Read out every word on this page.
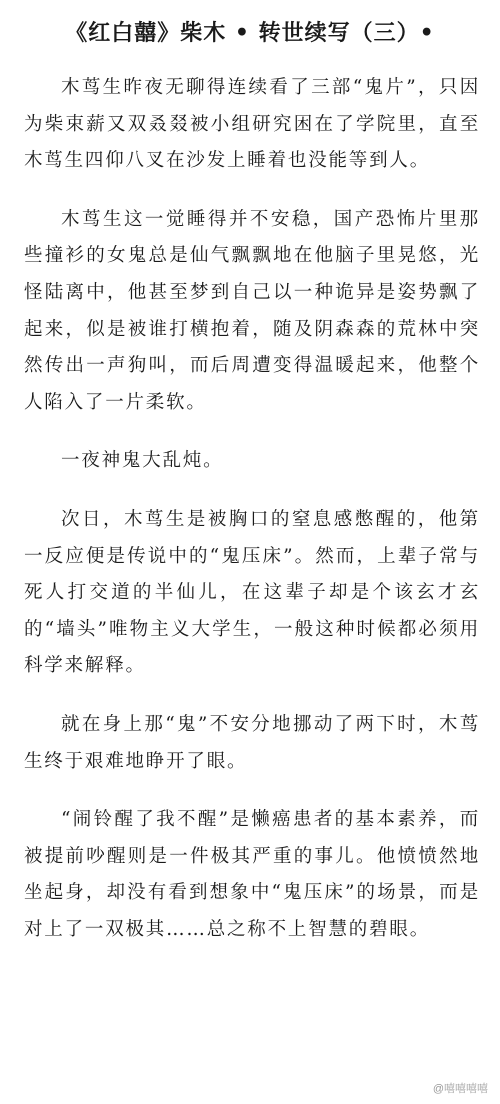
《红白囍》柴木 • 转世续写（三）•

木茑生昨夜无聊得连续看了三部“鬼片”，只因为柴束薪又双叒叕被小组研究困在了学院里，直至木茑生四仰八叉在沙发上睡着也没能等到人。

木茑生这一觉睡得并不安稳，国产恐怖片里那些撞衫的女鬼总是仙气飘飘地在他脑子里晃悠，光怪陆离中，他甚至梦到自己以一种诡异是姿势飘了起来，似是被谁打横抱着，随及阴森森的荒林中突然传出一声狗叫，而后周遭变得温暖起来，他整个人陷入了一片柔软。

一夜神鬼大乱炖。

次日，木茑生是被胸口的窒息感憋醒的，他第一反应便是传说中的“鬼压床”。然而，上辈子常与死人打交道的半仙儿，在这辈子却是个该玄才玄的“墙头”唯物主义大学生，一般这种时候都必须用科学来解释。

就在身上那“鬼”不安分地挪动了两下时，木茑生终于艰难地睁开了眼。

“闹铃醒了我不醒”是懒癌患者的基本素养，而被提前吵醒则是一件极其严重的事儿。他愤愤然地坐起身，却没有看到想象中“鬼压床”的场景，而是对上了一双极其……总之称不上智慧的碧眼。

@嘻嘻嘻嘻
